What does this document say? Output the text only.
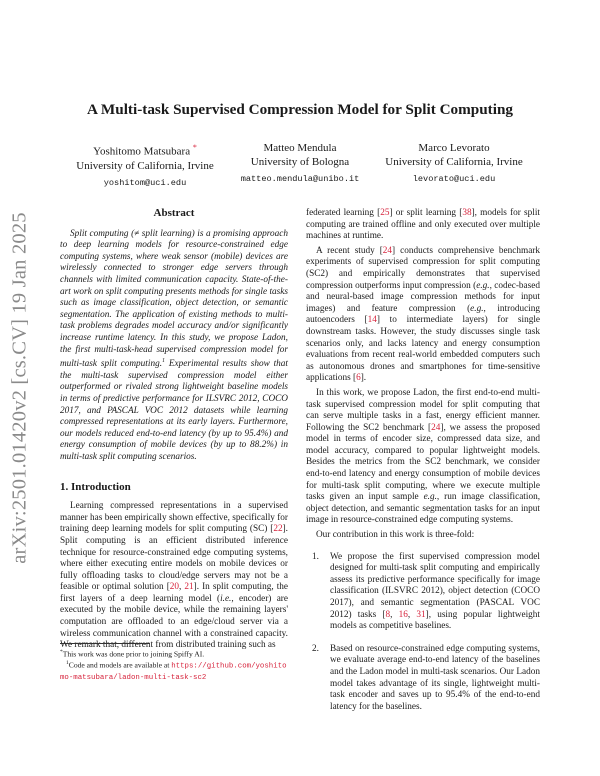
arXiv:2501.01420v2 [cs.CV] 19 Jan 2025
A Multi-task Supervised Compression Model for Split Computing
Yoshitomo Matsubara *
University of California, Irvine
yoshitom@uci.edu
Matteo Mendula
University of Bologna
matteo.mendula@unibo.it
Marco Levorato
University of California, Irvine
levorato@uci.edu
Abstract

Split computing (≠ split learning) is a promising approach to deep learning models for resource-constrained edge computing systems, where weak sensor (mobile) devices are wirelessly connected to stronger edge servers through channels with limited communication capacity. State-of-the-art work on split computing presents methods for single tasks such as image classification, object detection, or semantic segmentation. The application of existing methods to multi-task problems degrades model accuracy and/or significantly increase runtime latency. In this study, we propose Ladon, the first multi-task-head supervised compression model for multi-task split computing.$^1$ Experimental results show that the multi-task supervised compression model either outperformed or rivaled strong lightweight baseline models in terms of predictive performance for ILSVRC 2012, COCO 2017, and PASCAL VOC 2012 datasets while learning compressed representations at its early layers. Furthermore, our models reduced end-to-end latency (by up to 95.4%) and energy consumption of mobile devices (by up to 88.2%) in multi-task split computing scenarios.

1. Introduction

Learning compressed representations in a supervised manner has been empirically shown effective, specifically for training deep learning models for split computing (SC) [22]. Split computing is an efficient distributed inference technique for resource-constrained edge computing systems, where either executing entire models on mobile devices or fully offloading tasks to cloud/edge servers may not be a feasible or optimal solution [20, 21]. In split computing, the first layers of a deep learning model (i.e., encoder) are executed by the mobile device, while the remaining layers' computation are offloaded to an edge/cloud server via a wireless communication channel with a constrained capacity. We remark that, different from distributed training such as

*This work was done prior to joining Spiffy AI.
$^1$Code and models are available at https://github.com/yoshitomo-matsubara/ladon-multi-task-sc2

federated learning [25] or split learning [38], models for split computing are trained offline and only executed over multiple machines at runtime.

A recent study [24] conducts comprehensive benchmark experiments of supervised compression for split computing (SC2) and empirically demonstrates that supervised compression outperforms input compression (e.g., codec-based and neural-based image compression methods for input images) and feature compression (e.g., introducing autoencoders [14] to intermediate layers) for single downstream tasks. However, the study discusses single task scenarios only, and lacks latency and energy consumption evaluations from recent real-world embedded computers such as autonomous drones and smartphones for time-sensitive applications [6].

In this work, we propose Ladon, the first end-to-end multi-task supervised compression model for split computing that can serve multiple tasks in a fast, energy efficient manner. Following the SC2 benchmark [24], we assess the proposed model in terms of encoder size, compressed data size, and model accuracy, compared to popular lightweight models. Besides the metrics from the SC2 benchmark, we consider end-to-end latency and energy consumption of mobile devices for multi-task split computing, where we execute multiple tasks given an input sample e.g., run image classification, object detection, and semantic segmentation tasks for an input image in resource-constrained edge computing systems.

Our contribution in this work is three-fold:

1. We propose the first supervised compression model designed for multi-task split computing and empirically assess its predictive performance specifically for image classification (ILSVRC 2012), object detection (COCO 2017), and semantic segmentation (PASCAL VOC 2012) tasks [8, 16, 31], using popular lightweight models as competitive baselines.
2. Based on resource-constrained edge computing systems, we evaluate average end-to-end latency of the baselines and the Ladon model in multi-task scenarios. Our Ladon model takes advantage of its single, lightweight multi-task encoder and saves up to 95.4% of the end-to-end latency for the baselines.
